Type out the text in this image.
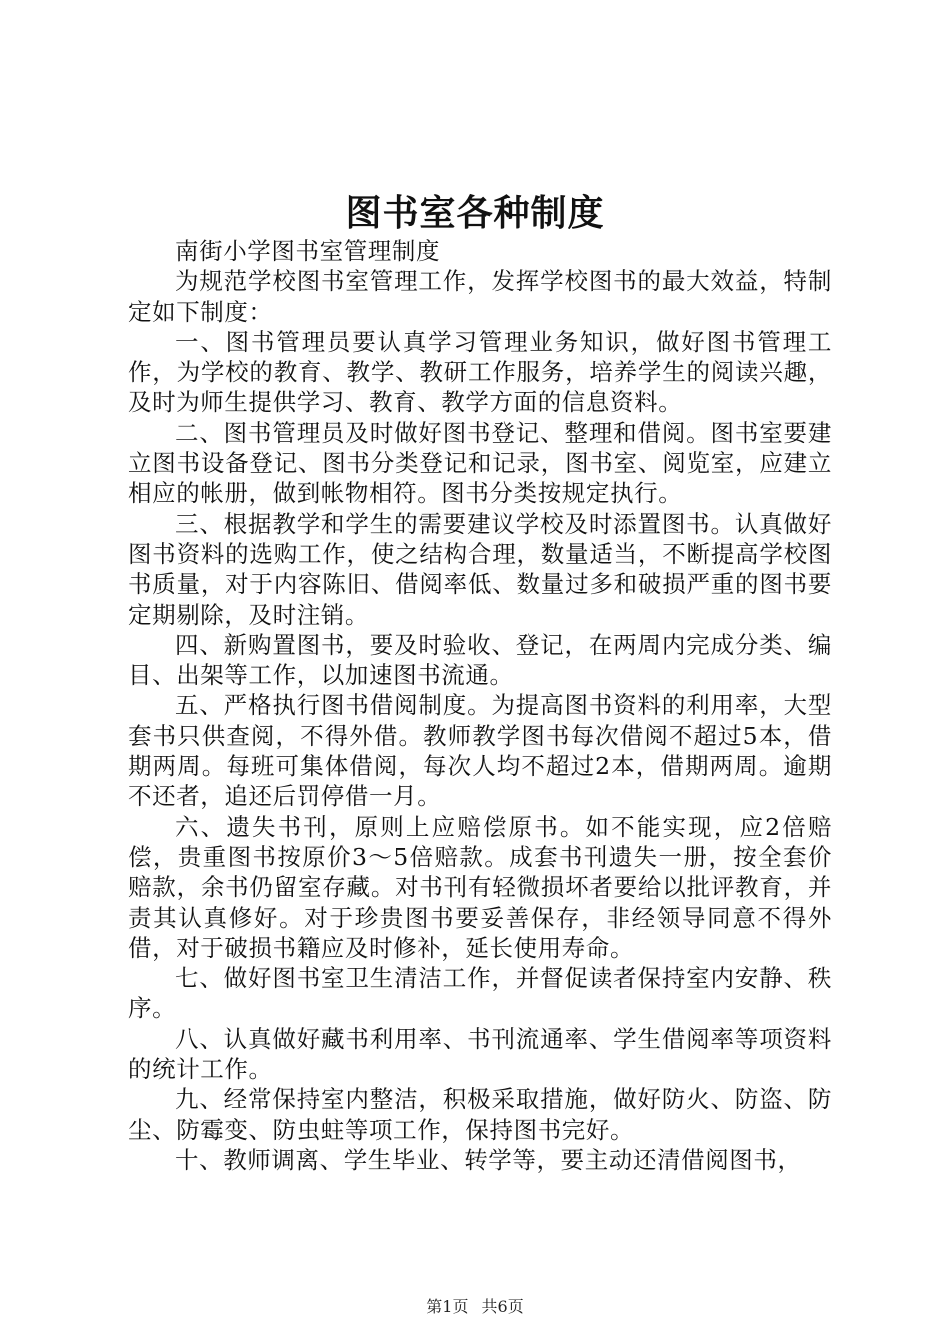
图书室各种制度

南街小学图书室管理制度

为规范学校图书室管理工作，发挥学校图书的最大效益，特制定如下制度：

一、图书管理员要认真学习管理业务知识，做好图书管理工作，为学校的教育、教学、教研工作服务，培养学生的阅读兴趣，及时为师生提供学习、教育、教学方面的信息资料。

二、图书管理员及时做好图书登记、整理和借阅。图书室要建立图书设备登记、图书分类登记和记录，图书室、阅览室，应建立相应的帐册，做到帐物相符。图书分类按规定执行。

三、根据教学和学生的需要建议学校及时添置图书。认真做好图书资料的选购工作，使之结构合理，数量适当，不断提高学校图书质量，对于内容陈旧、借阅率低、数量过多和破损严重的图书要定期剔除，及时注销。

四、新购置图书，要及时验收、登记，在两周内完成分类、编目、出架等工作，以加速图书流通。

五、严格执行图书借阅制度。为提高图书资料的利用率，大型套书只供查阅，不得外借。教师教学图书每次借阅不超过5本，借期两周。每班可集体借阅，每次人均不超过2本，借期两周。逾期不还者，追还后罚停借一月。

六、遗失书刊，原则上应赔偿原书。如不能实现，应2倍赔偿，贵重图书按原价3～5倍赔款。成套书刊遗失一册，按全套价赔款，余书仍留室存藏。对书刊有轻微损坏者要给以批评教育，并责其认真修好。对于珍贵图书要妥善保存，非经领导同意不得外借，对于破损书籍应及时修补，延长使用寿命。

七、做好图书室卫生清洁工作，并督促读者保持室内安静、秩序。

八、认真做好藏书利用率、书刊流通率、学生借阅率等项资料的统计工作。

九、经常保持室内整洁，积极采取措施，做好防火、防盗、防尘、防霉变、防虫蛀等项工作，保持图书完好。

十、教师调离、学生毕业、转学等，要主动还清借阅图书，

第1页 共6页
